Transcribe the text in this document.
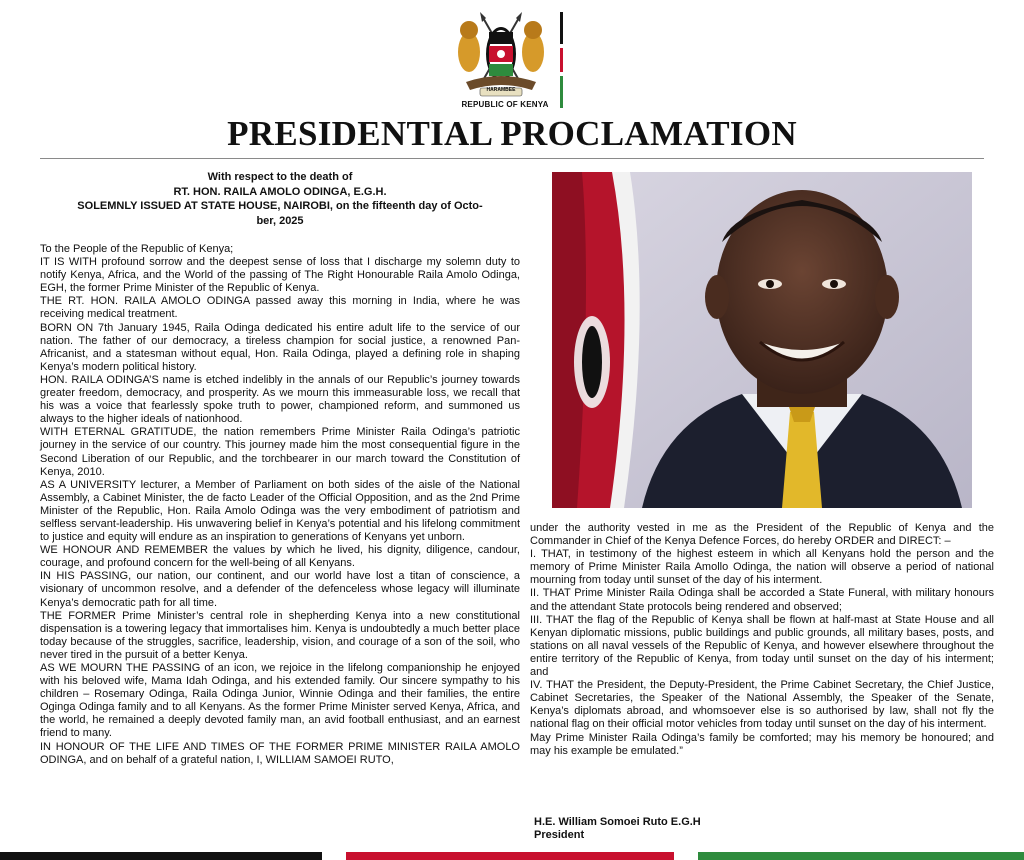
HARAMBEE
REPUBLIC OF KENYA
PRESIDENTIAL PROCLAMATION
With respect to the death of
RT. HON. RAILA AMOLO ODINGA, E.G.H.
SOLEMNLY ISSUED AT STATE HOUSE, NAIROBI, on the fifteenth day of Octo-
ber, 2025

To the People of the Republic of Kenya;

IT IS WITH profound sorrow and the deepest sense of loss that I discharge my solemn duty to notify Kenya, Africa, and the World of the passing of The Right Honourable Raila Amolo Odinga, EGH, the former Prime Minister of the Republic of Kenya.

THE RT. HON. RAILA AMOLO ODINGA passed away this morning in India, where he was receiving medical treatment.

BORN ON 7th January 1945, Raila Odinga dedicated his entire adult life to the service of our nation. The father of our democracy, a tireless champion for social justice, a renowned Pan-Africanist, and a statesman without equal, Hon. Raila Odinga, played a defining role in shaping Kenya’s modern political history.

HON. RAILA ODINGA’S name is etched indelibly in the annals of our Republic’s journey towards greater freedom, democracy, and prosperity. As we mourn this immeasurable loss, we recall that his was a voice that fearlessly spoke truth to power, championed reform, and summoned us always to the higher ideals of nationhood.

WITH ETERNAL GRATITUDE, the nation remembers Prime Minister Raila Odinga’s patriotic journey in the service of our country. This journey made him the most consequential figure in the Second Liberation of our Republic, and the torchbearer in our march toward the Constitution of Kenya, 2010.

AS A UNIVERSITY lecturer, a Member of Parliament on both sides of the aisle of the National Assembly, a Cabinet Minister, the de facto Leader of the Official Opposition, and as the 2nd Prime Minister of the Republic, Hon. Raila Amolo Odinga was the very embodiment of patriotism and selfless servant-leadership. His unwavering belief in Kenya’s potential and his lifelong commitment to justice and equity will endure as an inspiration to generations of Kenyans yet unborn.

WE HONOUR AND REMEMBER the values by which he lived, his dignity, diligence, candour, courage, and profound concern for the well-being of all Kenyans.

IN HIS PASSING, our nation, our continent, and our world have lost a titan of conscience, a visionary of uncommon resolve, and a defender of the defenceless whose legacy will illuminate Kenya’s democratic path for all time.

THE FORMER Prime Minister’s central role in shepherding Kenya into a new constitutional dispensation is a towering legacy that immortalises him. Kenya is undoubtedly a much better place today because of the struggles, sacrifice, leadership, vision, and courage of a son of the soil, who never tired in the pursuit of a better Kenya.

AS WE MOURN THE PASSING of an icon, we rejoice in the lifelong companionship he enjoyed with his beloved wife, Mama Idah Odinga, and his extended family. Our sincere sympathy to his children – Rosemary Odinga, Raila Odinga Junior, Winnie Odinga and their families, the entire Oginga Odinga family and to all Kenyans. As the former Prime Minister served Kenya, Africa, and the world, he remained a deeply devoted family man, an avid football enthusiast, and an earnest friend to many.

IN HONOUR OF THE LIFE AND TIMES OF THE FORMER PRIME MINISTER RAILA AMOLO ODINGA, and on behalf of a grateful nation, I, WILLIAM SAMOEI RUTO,

under the authority vested in me as the President of the Republic of Kenya and the Commander in Chief of the Kenya Defence Forces, do hereby ORDER and DIRECT: –

I. THAT, in testimony of the highest esteem in which all Kenyans hold the person and the memory of Prime Minister Raila Amollo Odinga, the nation will observe a period of national mourning from today until sunset of the day of his interment.

II. THAT Prime Minister Raila Odinga shall be accorded a State Funeral, with military honours and the attendant State protocols being rendered and observed;

III. THAT the flag of the Republic of Kenya shall be flown at half-mast at State House and all Kenyan diplomatic missions, public buildings and public grounds, all military bases, posts, and stations on all naval vessels of the Republic of Kenya, and however elsewhere throughout the entire territory of the Republic of Kenya, from today until sunset on the day of his interment; and

IV. THAT the President, the Deputy-President, the Prime Cabinet Secretary, the Chief Justice, Cabinet Secretaries, the Speaker of the National Assembly, the Speaker of the Senate, Kenya’s diplomats abroad, and whomsoever else is so authorised by law, shall not fly the national flag on their official motor vehicles from today until sunset on the day of his interment.

May Prime Minister Raila Odinga’s family be comforted; may his memory be honoured; and may his example be emulated.”

H.E. William Somoei Ruto E.G.H
President
